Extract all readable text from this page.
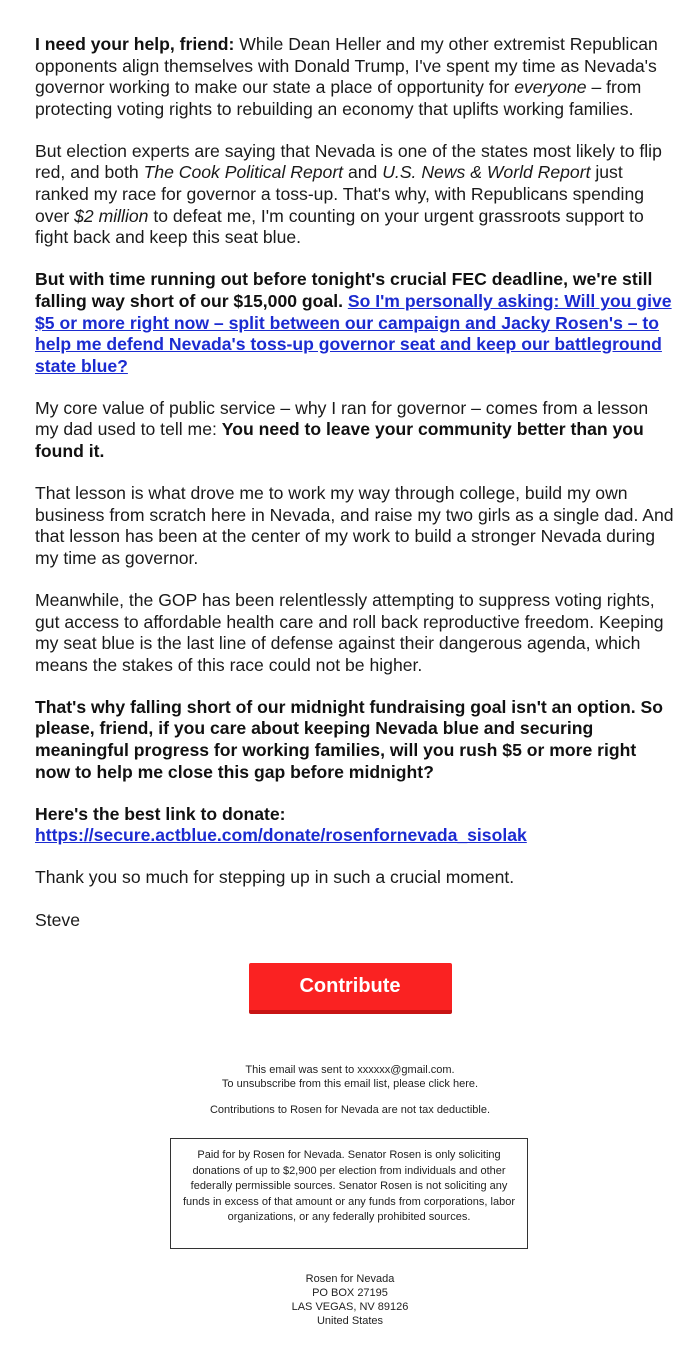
I need your help, friend: While Dean Heller and my other extremist Republican opponents align themselves with Donald Trump, I've spent my time as Nevada's governor working to make our state a place of opportunity for everyone – from protecting voting rights to rebuilding an economy that uplifts working families.

But election experts are saying that Nevada is one of the states most likely to flip red, and both The Cook Political Report and U.S. News & World Report just ranked my race for governor a toss-up. That's why, with Republicans spending over $2 million to defeat me, I'm counting on your urgent grassroots support to fight back and keep this seat blue.

But with time running out before tonight's crucial FEC deadline, we're still falling way short of our $15,000 goal. So I'm personally asking: Will you give $5 or more right now – split between our campaign and Jacky Rosen's – to help me defend Nevada's toss-up governor seat and keep our battleground state blue?

My core value of public service – why I ran for governor – comes from a lesson my dad used to tell me: You need to leave your community better than you found it.

That lesson is what drove me to work my way through college, build my own business from scratch here in Nevada, and raise my two girls as a single dad. And that lesson has been at the center of my work to build a stronger Nevada during my time as governor.

Meanwhile, the GOP has been relentlessly attempting to suppress voting rights, gut access to affordable health care and roll back reproductive freedom. Keeping my seat blue is the last line of defense against their dangerous agenda, which means the stakes of this race could not be higher.

That's why falling short of our midnight fundraising goal isn't an option. So please, friend, if you care about keeping Nevada blue and securing meaningful progress for working families, will you rush $5 or more right now to help me close this gap before midnight?

Here's the best link to donate:
https://secure.actblue.com/donate/rosenfornevada_sisolak

Thank you so much for stepping up in such a crucial moment.

Steve

Contribute
This email was sent to xxxxxx@gmail.com.
To unsubscribe from this email list, please click here.
Contributions to Rosen for Nevada are not tax deductible.
Paid for by Rosen for Nevada. Senator Rosen is only soliciting donations of up to $2,900 per election from individuals and other federally permissible sources. Senator Rosen is not soliciting any funds in excess of that amount or any funds from corporations, labor organizations, or any federally prohibited sources.
Rosen for Nevada
PO BOX 27195
LAS VEGAS, NV 89126
United States
